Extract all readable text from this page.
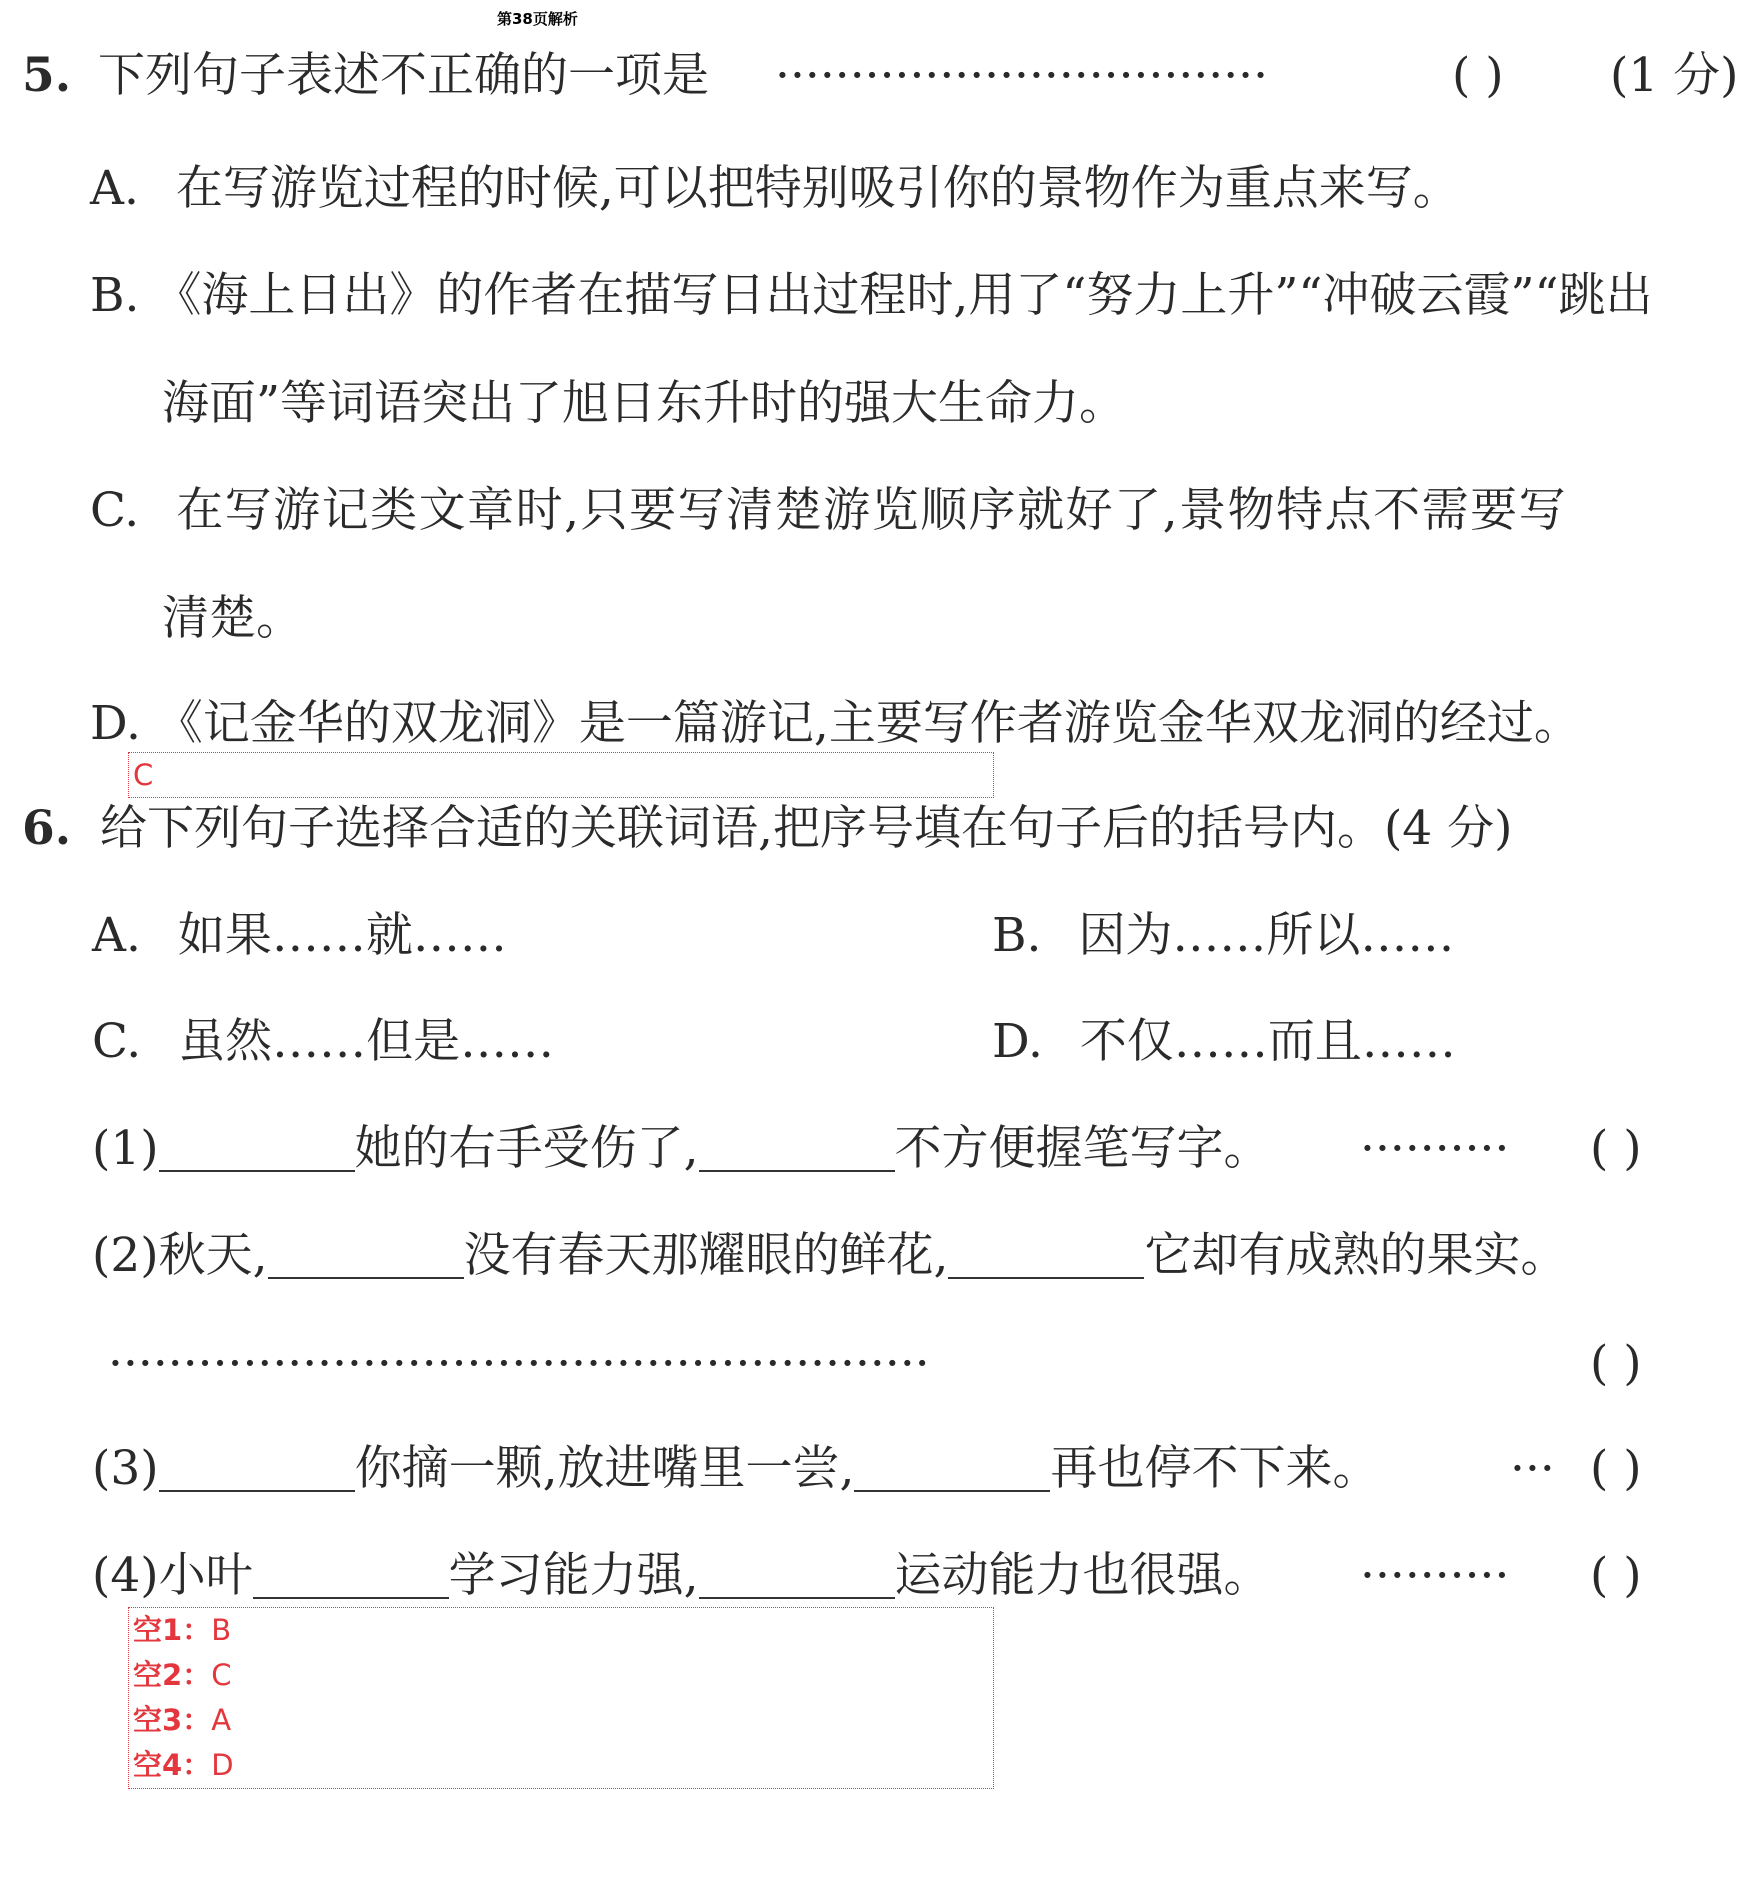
第38页解析
5. 下列句子表述不正确的一项是 ·································	( ) (1 分)
A. 在写游览过程的时候,可以把特别吸引你的景物作为重点来写。
B. 《海上日出》的作者在描写日出过程时,用了“努力上升”“冲破云霞”“跳出
海面”等词语突出了旭日东升时的强大生命力。
C. 在写游记类文章时,只要写清楚游览顺序就好了,景物特点不需要写
清楚。
D. 《记金华的双龙洞》是一篇游记,主要写作者游览金华双龙洞的经过。
C
6. 给下列句子选择合适的关联词语,把序号填在句子后的括号内。(4 分)
A. 如果……就……	B. 因为……所以……
C. 虽然……但是……	D. 不仅……而且……
(1)	她的右手受伤了,	不方便握笔写字。 ·········· ( )
(2)秋天,	没有春天那耀眼的鲜花,	它却有成熟的果实。
·······················································	( )
(3)	你摘一颗,放进嘴里一尝,	再也停不下来。	··· ( )
(4)小叶	学习能力强,	运动能力也很强。 ·········· ( )
空1：B
空2：C
空3：A
空4：D
